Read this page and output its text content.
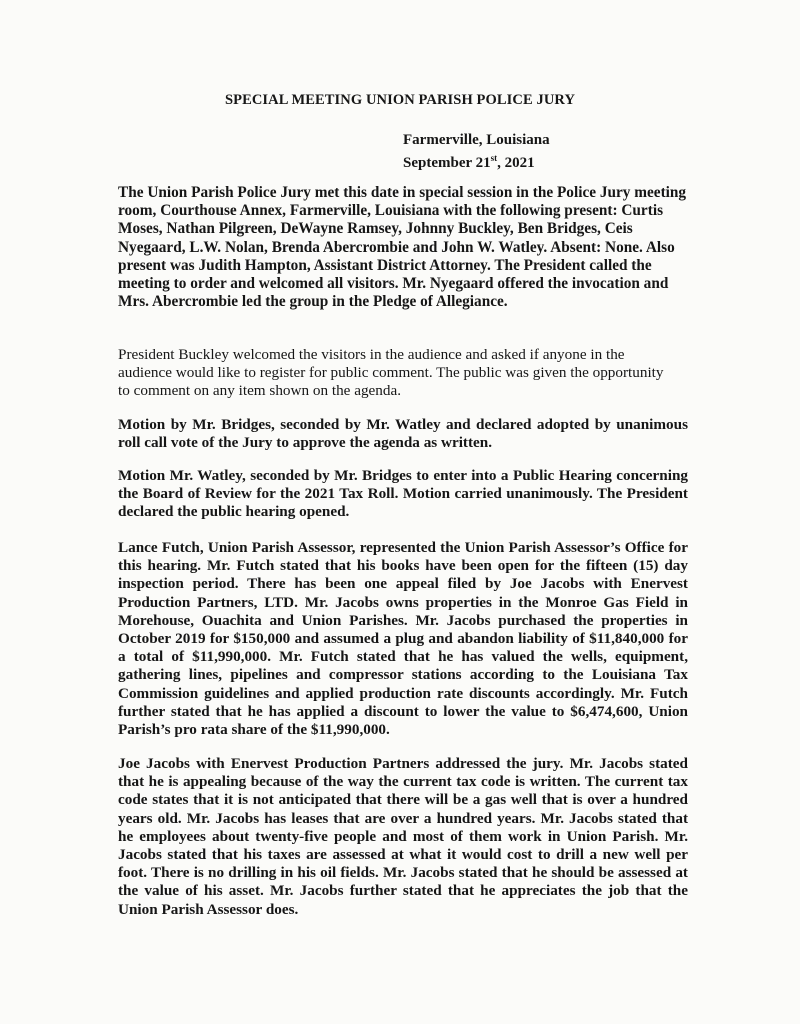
SPECIAL MEETING UNION PARISH POLICE JURY
Farmerville, Louisiana
September 21st, 2021

The Union Parish Police Jury met this date in special session in the Police Jury meeting room, Courthouse Annex, Farmerville, Louisiana with the following present: Curtis Moses, Nathan Pilgreen, DeWayne Ramsey, Johnny Buckley, Ben Bridges, Ceis Nyegaard, L.W. Nolan, Brenda Abercrombie and John W. Watley. Absent: None. Also present was Judith Hampton, Assistant District Attorney. The President called the meeting to order and welcomed all visitors. Mr. Nyegaard offered the invocation and Mrs. Abercrombie led the group in the Pledge of Allegiance.

President Buckley welcomed the visitors in the audience and asked if anyone in the audience would like to register for public comment. The public was given the opportunity to comment on any item shown on the agenda.

Motion by Mr. Bridges, seconded by Mr. Watley and declared adopted by unanimous roll call vote of the Jury to approve the agenda as written.

Motion Mr. Watley, seconded by Mr. Bridges to enter into a Public Hearing concerning the Board of Review for the 2021 Tax Roll. Motion carried unanimously. The President declared the public hearing opened.

Lance Futch, Union Parish Assessor, represented the Union Parish Assessor’s Office for this hearing. Mr. Futch stated that his books have been open for the fifteen (15) day inspection period. There has been one appeal filed by Joe Jacobs with Enervest Production Partners, LTD. Mr. Jacobs owns properties in the Monroe Gas Field in Morehouse, Ouachita and Union Parishes. Mr. Jacobs purchased the properties in October 2019 for $150,000 and assumed a plug and abandon liability of $11,840,000 for a total of $11,990,000. Mr. Futch stated that he has valued the wells, equipment, gathering lines, pipelines and compressor stations according to the Louisiana Tax Commission guidelines and applied production rate discounts accordingly. Mr. Futch further stated that he has applied a discount to lower the value to $6,474,600, Union Parish’s pro rata share of the $11,990,000.

Joe Jacobs with Enervest Production Partners addressed the jury. Mr. Jacobs stated that he is appealing because of the way the current tax code is written. The current tax code states that it is not anticipated that there will be a gas well that is over a hundred years old. Mr. Jacobs has leases that are over a hundred years. Mr. Jacobs stated that he employees about twenty-five people and most of them work in Union Parish. Mr. Jacobs stated that his taxes are assessed at what it would cost to drill a new well per foot. There is no drilling in his oil fields. Mr. Jacobs stated that he should be assessed at the value of his asset. Mr. Jacobs further stated that he appreciates the job that the Union Parish Assessor does.
